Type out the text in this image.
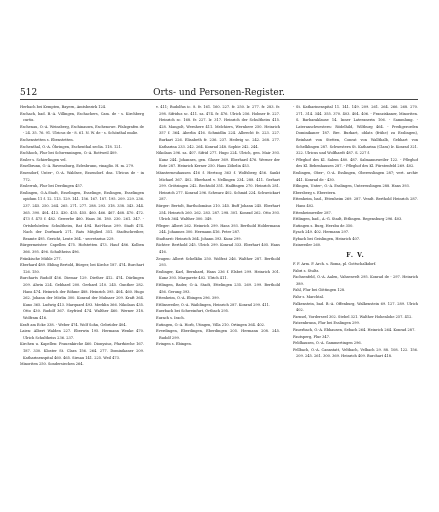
512	Orts- und Personen-Register.
Herbach bei Kempten, Bayern, Amtsbezirk 124.
Eschach, bad. B.-A. Villingen, Eschachers, Cam. de - s. Kirchberg curtis.
Eschenau, O.-A. Weinsberg, Eschinauwa, Eschenowe. Pfalzgrafen de - 24. 35. 76. 91. Ulricus de - 8. 61. N. W. de - s. Schönthal mulie.
Eschenstetten s. Ebenstetten.
Eschenthal, O.-A. Öhringen, Eschenthal seclia. 118. 121.
Eschhoch, Flur bei Schwenningen, O.-A. Rottweil 409.
Essler s. Schierlingen vel.
Esselbrunn, O.-A. Ravensburg, Ezlesbrunn, vinaglio. H. m. 279.
Essendorf, Unter-, O.-A. Waldsee, Essendorf. dns. Ulricus de - in 772.
Esslerruh, Flur bei Derdingen 457.
Esslingen, O.A.Stadt, Esselingen, Esselinge, Esslingen, Esselingen opidum 11 f. 12. 113. 129. 141. 156. 167. 187. 195. 209. 229. 236. 237. 245. 250. 264. 265. 271. 277. 288. 293. 318. 338. 343. 344. 365. 390. 404. 413. 430. 435. 455. 460. 466. 467. 468. 470. 472. 473 f. 475 f. 482. Gewerbe 460. Haus 36. 180. 230. 261. 347. - Ortsbehörden: Schultheiss, Rat 494. Rat-Haus 299. Stadt 474. Nach der Dorfmark 271. Rats Mitglied 351. Stadtschreiber, Beamte 495. Gericht, Leute 364. - secretarius 229.
Bürgermeister: Capellen 475. Hofstetten 473. Hauf 486. Kolben 366. 395. 496. Schultheiss 496.
Fränkische Mühle 277.
Eberhard 489. Ebling Bertold, Bürger, bei Kirche 187. 474. Burchart 126. 150.
Burcharts Rudolf 456. Diemar 129. Diether 412. 474. Dürlingen 209. Alwin 224. Gebhard 200. Gerhard 210. 245. Gunther 282. Hans 474. Heinrich der Böhme 488. Heinrich 395. 404. 460. Hugo 262. Johann der Mörlin 300. Konrad der Mulnaer 209. Kraft 364. Kuno 365. Ludwig 413. Marquard 493. Merklin 366. Nikolaus 435. Otto 430. Rudolf 367. Seyfried 474. Walther 460. Werner 318. Wolfram 416.
Kraft am Ecke 338. - Weber 474. Wolf Sohn, Gebrüder 404.
Laien: Albert Walden 227. Eberwin 195. Hermann Wenke 470. Ulrich Schultheiss 236. 237.
Kirchen u. Kapellen: Frauenkirche 460. Dionysius, Pfarrkirche 167. 187. 330. Kloster St. Clara 156. 264. 277. Dominikaner 209. Katharinenspital 460. 465. Sirnau 141. 225. Weil 473.
Minoriten 250. Sondersiechen 264.
v. 411; Rudolfus ic. 8. fr. 161. 160. 227. fr. 250. Ir. 277. fr. 283. fr. 298. Sifridus sc. 411. sa. 474. fr. 476. Ulrich 256. Hobner fr. 227. Heinrich sc. 168. fr. 227. Ir. 317. Heinrich der Schultheiss 415. 428. Mangolt, Wernhere 411. Melchiers, Wernhere 250. Heinrich 357 f. 364. Aberlin 416. Schmidlin 224. Albrecht fr. 223. 227. Burkart 226. Elisabeth fr. 236. 237. Hedwig sc. 242. 268. 277. Katharina 233. 242. 264. Konrad 248. Sophie 242. 244.
Nikolaus 296. sa. 407. Sifrid 277. Hugo 224. Ulrich, gen. Mair 393. Kunz 244. Johannes, gen. Glaser 369. Eberhard 476. Werner der Rote 287. Heinrich Kerner 250. Hans Zöbelin 453.
Mänsterneuhausen 416 f. Hertzog 363 f. Wolfsberg 456. Sankt Michael 367. 402. Eberhard v. Nellingen 234. 288. 411. Gerhart 299. Grötzingen 242. Bechtold 351. Hailfingen 270. Heinrich 281. Heinrich 277. Konrad 296. Schwarz 402. Schmid 224. Schweickart 287.
Bürger: Bertolt, Bartholomäus 210. 245. Buff Johann 245. Eberhart 254. Heinrich 260. 262. 283. 287. 298. 301. Konrad 262. Otto 393. Ulrich 364. Walther 300. 349.
Pfleger: Albert 262. Heinrich 299. Hans 393. Berthold Holdermann 244. Johannes 300. Hermann 416. Peter 287.
Stadtarzt: Heinrich 364. Johann 393. Kunz 299.
Richter: Berthold 245. Ulrich 299. Konrad 333. Eberhart 405. Hans 416.
Zeugen: Albert Schelklin 250. Wolfrat 246. Walther 287. Berthold 293.
Esslinger, Karl, Bernhard, Hans 236 f. Elsbet 299. Heinrich 301. Kunz 393. Margarete 402. Ulrich 411.
Ettlingen, Bader, O.-A. Stadt, Ettelingen 235. 269. 299. Berthold 456. Gerung 393.
Ettenheim, O.-A. Ebingen 296. 399.
Ettlinsweiler, O.-A. Waiblingen, Heinrich 287. Konrad 299. 411.
Euerbach bei Schweinfurt, Ortbach 295.
Eurach s. Irach.
Eutingen, O.-A. Horb, Utingen, Villa 210. Ortingen 364. 402.
Everdingen, Eberdingen, Eberdingen 205. Hermann 208. 245. Rudolf 299.
Evingen s. Ebingen.
- St. Katharinenspital 11. 141. 149. 209. 261. 264. 266. 268. 270. 271. 314. 344. 355. 370. 403. 404. 406. - Franziskaner, Minoriten. S. Barbaraklause 14. Inner Lateranerin 106. - Sammlung. - Lateranschwestern: Rödelhild, Wiltburg 464. - Predigerorden Dominikaner 187. Bre. Burkart, oblats (frühe) zu Esslingen), Reinhart von Stetten, Conrat von Wallthalb, Gebhart von Schelklingen 287. Schwestern St. Katharina (Clara) Ir. Konrad 321. 322. Ulricus und Wolfhardt 487. S. 227 f.
- Pfleghof des Kl. Salem 480. 487. Salmannsweiler 122. - Pfleghof des Kl. Bebenhausen 287. - Pfleghof des Kl. Fürstenfeld 269. 402.
Esslingen, Ober-, O.-A. Esslingen, Oberesslingen 287; vert. archiv 441. Konrad de - 430.
Etlingen, Unter-, O.-A. Esslingen, Unteresslingen 288. Hans 393.
Ebersberg s. Eberstern.
Ettenheim, bad., Ettenheim 269. 287. Vendt. Berthold Heinrich 287. Hans 402.
Ettenheimweiler 287.
Ettlingen, bad., A.-G. Stadt, Ettlingen. Regensburg 296. 403.
Eutingen s. Burg, Herzbu de 350.
Eyach 249. 402. Hermann 297.
Eybach bei Geislingen, Heinrich 407.
Ezinweiler 260.
F. V.
F. F. Arm. F. Arch. s. Roma, pl. Gottschalkdorf.
Fabri s. Stultz.
Fachsenfeld, O.-A. Aalen, Vahsenvelt 295. Konrad de - 297. Heinrich 389.
Fahl, Flur bei Göttingen 128.
Fahr s. Marchtal.
Falkenstein, bad. B.-A. Offenburg, Walkenstein 69. 127. 289. Ulrich 402.
Farnsel, Vorderseel 302. Stebel 321. Walther Hohenlohe 257. 412.
Fatzenbrunn, Flur bei Esslingen 299.
Fauerbach, O.-A. Ebhausen, Sebach 264. Heinrich 264. Konrad 287.
Fautsperg, Flur 347.
Feldhausen, O.-A. Gammertingen 296.
Fellbach, O.-A. Cannstatt, Veltbach, Velbach 29. 88. 108. 122. 156. 209. 245. 261. 300. 369. Heinrich 409. Burchart 418.
